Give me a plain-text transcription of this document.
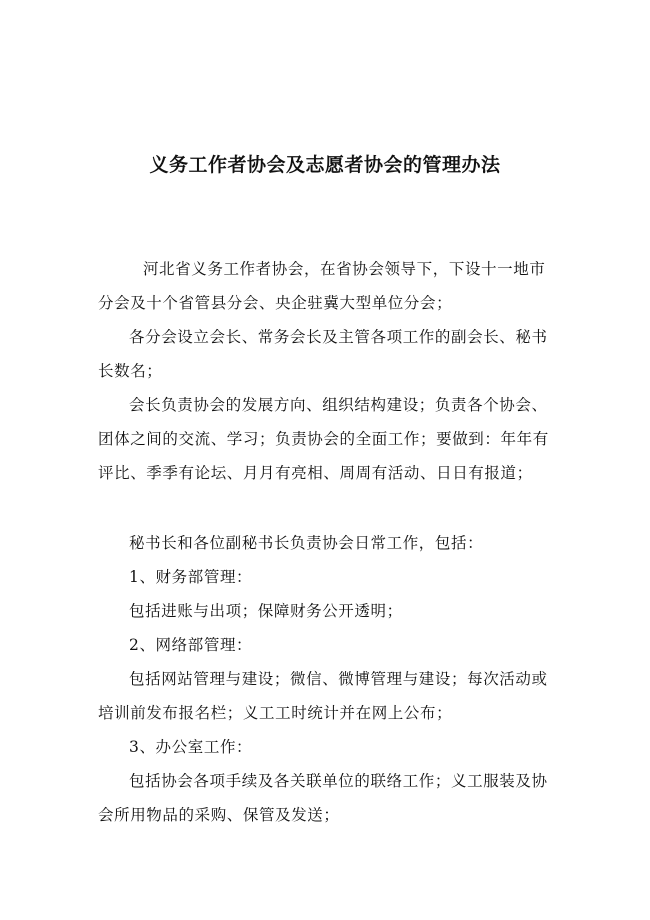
义务工作者协会及志愿者协会的管理办法

河北省义务工作者协会，在省协会领导下，下设十一地市分会及十个省管县分会、央企驻冀大型单位分会；

各分会设立会长、常务会长及主管各项工作的副会长、秘书长数名；

会长负责协会的发展方向、组织结构建设；负责各个协会、团体之间的交流、学习；负责协会的全面工作；要做到：年年有评比、季季有论坛、月月有亮相、周周有活动、日日有报道；

秘书长和各位副秘书长负责协会日常工作，包括：

1、财务部管理：

包括进账与出项；保障财务公开透明；

2、网络部管理：

包括网站管理与建设；微信、微博管理与建设；每次活动或培训前发布报名栏；义工工时统计并在网上公布；

3、办公室工作：

包括协会各项手续及各关联单位的联络工作；义工服装及协会所用物品的采购、保管及发送；
